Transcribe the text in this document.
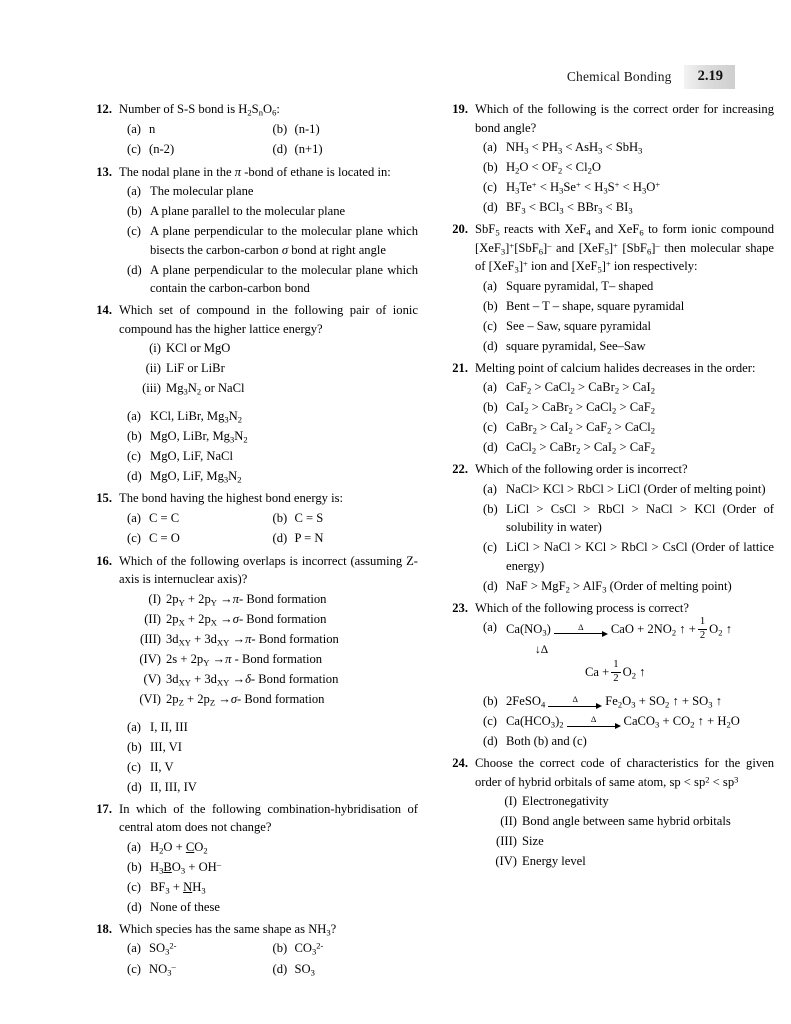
Chemical Bonding	2.19
12. Number of S-S bond is $H_2S_nO_6$:
(a) n	(b) (n-1)
(c) (n-2)	(d) (n+1)
13. The nodal plane in the π -bond of ethane is located in:
(a) The molecular plane
(b) A plane parallel to the molecular plane
(c) A plane perpendicular to the molecular plane which bisects the carbon-carbon σ bond at right angle
(d) A plane perpendicular to the molecular plane which contain the carbon-carbon bond
14. Which set of compound in the following pair of ionic compound has the higher lattice energy?
(i) KCl or MgO
(ii) LiF or LiBr
(iii) $Mg_3N_2$ or NaCl
(a) KCl, LiBr, $Mg_3N_2$
(b) MgO, LiBr, $Mg_3N_2$
(c) MgO, LiF, NaCl
(d) MgO, LiF, $Mg_3N_2$
15. The bond having the highest bond energy is:
(a) C = C	(b) C = S
(c) C = O	(d) P = N
16. Which of the following overlaps is incorrect (assuming Z-axis is internuclear axis)?
(I) $2p_Y + 2p_Y \to\pi-$ Bond formation
(II) $2p_X + 2p_X \to\sigma-$ Bond formation
(III) $3d_{XY} + 3d_{XY} \to\pi-$ Bond formation
(IV) $2s + 2p_Y \to\pi$ - Bond formation
(V) $3d_{XY} + 3d_{XY} \to\delta-$ Bond formation
(VI) $2p_Z + 2p_Z \to\sigma-$ Bond formation
(a) I, II, III
(b) III, VI
(c) II, V
(d) II, III, IV
17. In which of the following combination-hybridisation of central atom does not change?
(a) $H_2O + CO_2$
(b) $H_3BO_3 + OH^-$
(c) $BF_3 + NH_3$
(d) None of these
18. Which species has the same shape as $NH_3$?
(a) $SO_3^{2-}$	(b) $CO_3^{2-}$
(c) $NO_3^-$	(d) $SO_3$
19. Which of the following is the correct order for increasing bond angle?
(a) $NH_3 < PH_3 < AsH_3 < SbH_3$
(b) $H_2O < OF_2 < Cl_2O$
(c) $H_3Te^+ < H_3Se^+ < H_3S^+ < H_3O^+$
(d) $BF_3 < BCl_3 < BBr_3 < BI_3$
20. SbF$_5$ reacts with XeF$_4$ and XeF$_6$ to form ionic compound [XeF$_3$]+[SbF$_6$]– and [XeF$_5$]+ [SbF$_6$]– then molecular shape of [XeF$_3$]+ ion and [XeF$_5$]+ ion respectively:
(a) Square pyramidal, T– shaped
(b) Bent – T – shape, square pyramidal
(c) See – Saw, square pyramidal
(d) square pyramidal, See–Saw
21. Melting point of calcium halides decreases in the order:
(a) CaF$_2$ > CaCl$_2$ > CaBr$_2$ > CaI$_2$
(b) CaI$_2$ > CaBr$_2$ > CaCl$_2$ > CaF$_2$
(c) CaBr$_2$ > CaI$_2$ > CaF$_2$ > CaCl$_2$
(d) CaCl$_2$ > CaBr$_2$ > CaI$_2$ > CaF$_2$
22. Which of the following order is incorrect?
(a) NaCl> KCl > RbCl > LiCl (Order of melting point)
(b) LiCl > CsCl > RbCl > NaCl > KCl (Order of solubility in water)
(c) LiCl > NaCl > KCl > RbCl > CsCl (Order of lattice energy)
(d) NaF > MgF$_2$ > AlF$_3$ (Order of melting point)
23. Which of the following process is correct?
(a) $Ca(NO_3)$	Δ	CaO + $2NO_2$ ↑ + $\frac{1}{2} O_2$ ↑
↓Δ
$Ca + \frac{1}{2} O_2$ ↑
(b) 2FeSO$_4$
Δ	$Fe_2O_3 + SO_2$ ↑ + $SO_3$ ↑
(c) $Ca(HCO_3)_2$
Δ	CaCO$_3$ + $CO_2$ ↑ + $H_2O$
(d) Both (b) and (c)
24. Choose the correct code of characteristics for the given order of hybrid orbitals of same atom, sp < $sp^2 < sp^3$
(I) Electronegativity
(II) Bond angle between same hybrid orbitals
(III) Size
(IV) Energy level
